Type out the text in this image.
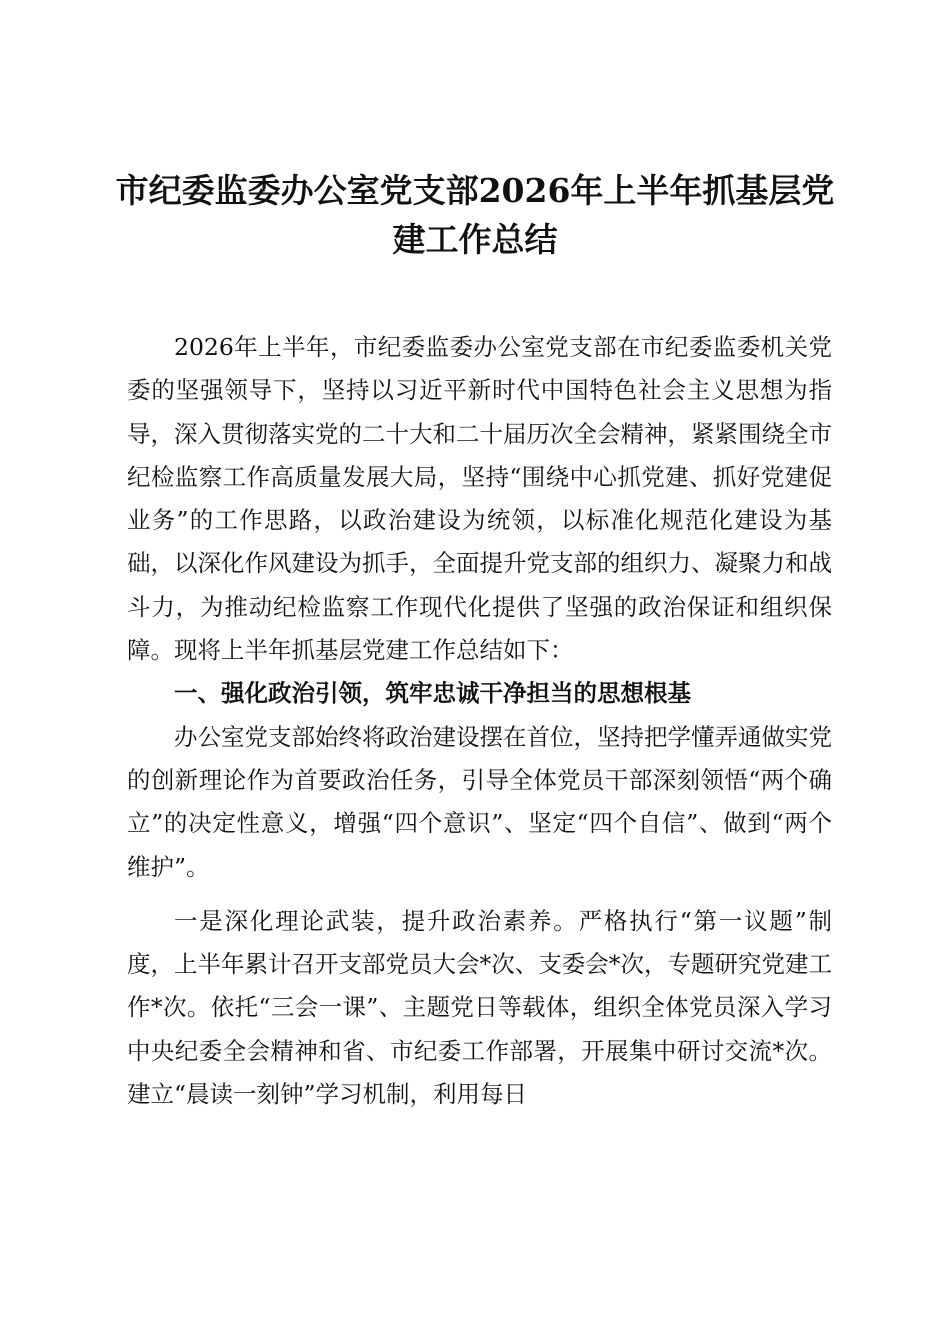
市纪委监委办公室党支部2026年上半年抓基层党建工作总结

2026年上半年，市纪委监委办公室党支部在市纪委监委机关党委的坚强领导下，坚持以习近平新时代中国特色社会主义思想为指导，深入贯彻落实党的二十大和二十届历次全会精神，紧紧围绕全市纪检监察工作高质量发展大局，坚持“围绕中心抓党建、抓好党建促业务”的工作思路，以政治建设为统领，以标准化规范化建设为基础，以深化作风建设为抓手，全面提升党支部的组织力、凝聚力和战斗力，为推动纪检监察工作现代化提供了坚强的政治保证和组织保障。现将上半年抓基层党建工作总结如下：

一、强化政治引领，筑牢忠诚干净担当的思想根基

办公室党支部始终将政治建设摆在首位，坚持把学懂弄通做实党的创新理论作为首要政治任务，引导全体党员干部深刻领悟“两个确立”的决定性意义，增强“四个意识”、坚定“四个自信”、做到“两个维护”。

一是深化理论武装，提升政治素养。严格执行“第一议题”制度，上半年累计召开支部党员大会*次、支委会*次，专题研究党建工作*次。依托“三会一课”、主题党日等载体，组织全体党员深入学习中央纪委全会精神和省、市纪委工作部署，开展集中研讨交流*次。建立“晨读一刻钟”学习机制，利用每日
